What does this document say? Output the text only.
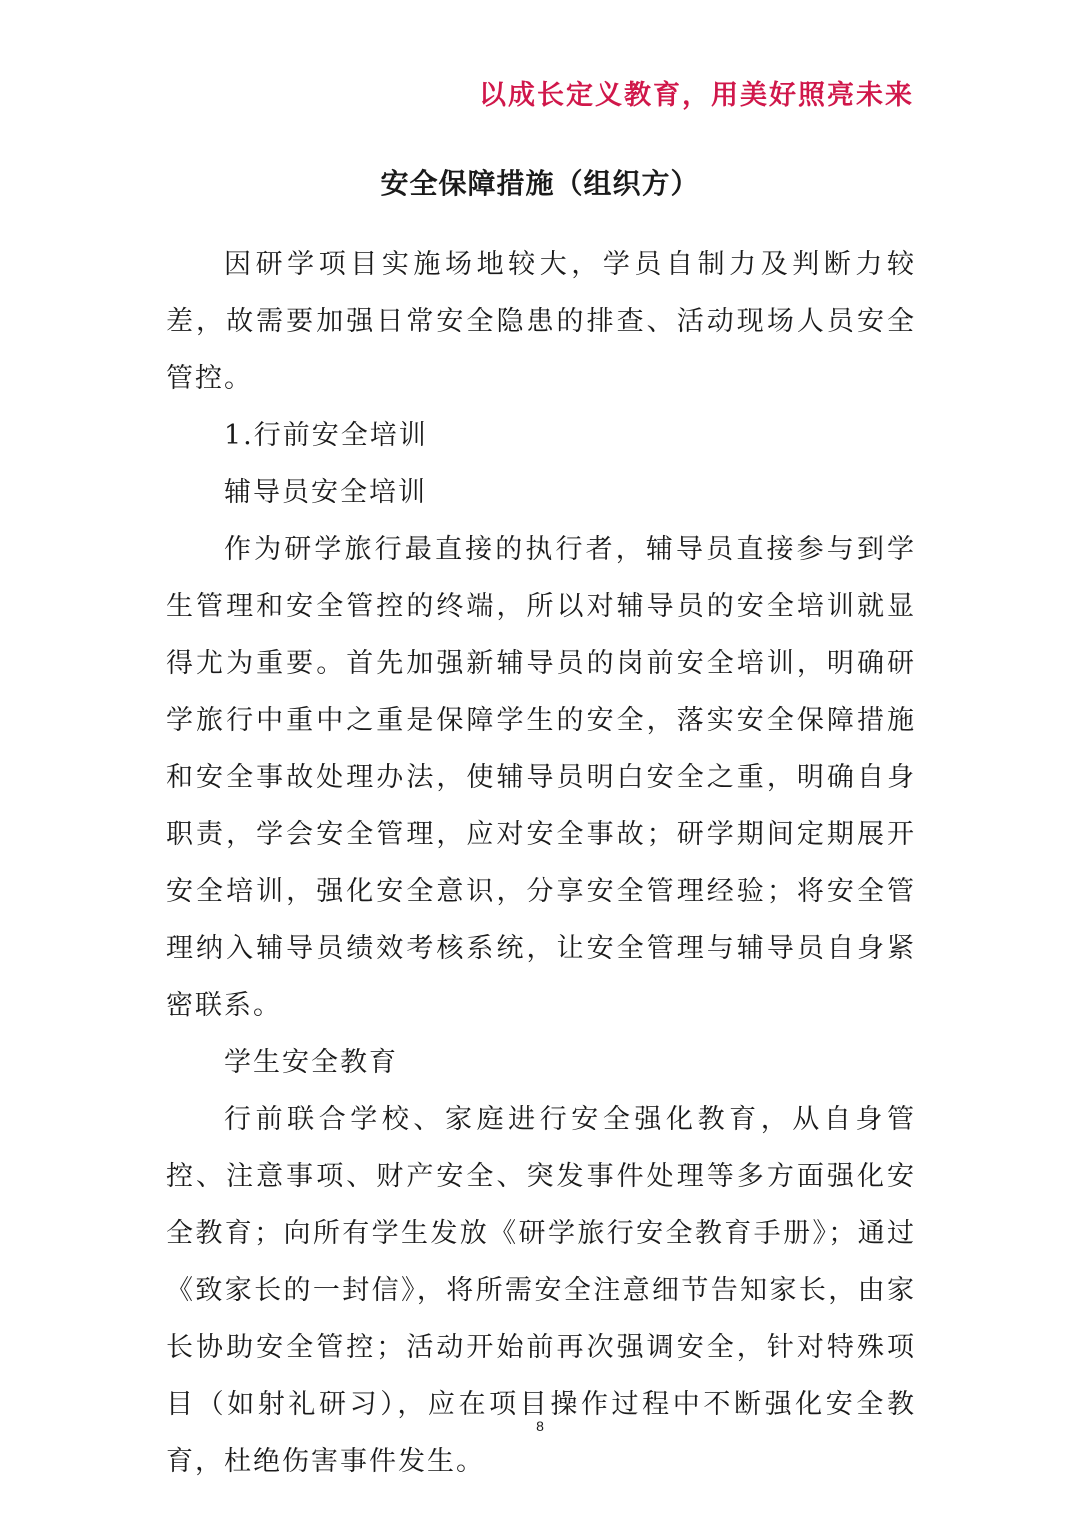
以成长定义教育，用美好照亮未来
安全保障措施（组织方）

因研学项目实施场地较大，学员自制力及判断力较差，故需要加强日常安全隐患的排查、活动现场人员安全管控。

1.行前安全培训

辅导员安全培训

作为研学旅行最直接的执行者，辅导员直接参与到学生管理和安全管控的终端，所以对辅导员的安全培训就显得尤为重要。首先加强新辅导员的岗前安全培训，明确研学旅行中重中之重是保障学生的安全，落实安全保障措施和安全事故处理办法，使辅导员明白安全之重，明确自身职责，学会安全管理，应对安全事故；研学期间定期展开安全培训，强化安全意识，分享安全管理经验；将安全管理纳入辅导员绩效考核系统，让安全管理与辅导员自身紧密联系。

学生安全教育

行前联合学校、家庭进行安全强化教育，从自身管控、注意事项、财产安全、突发事件处理等多方面强化安全教育；向所有学生发放《研学旅行安全教育手册》；通过《致家长的一封信》，将所需安全注意细节告知家长，由家长协助安全管控；活动开始前再次强调安全，针对特殊项目（如射礼研习），应在项目操作过程中不断强化安全教育，杜绝伤害事件发生。

8
